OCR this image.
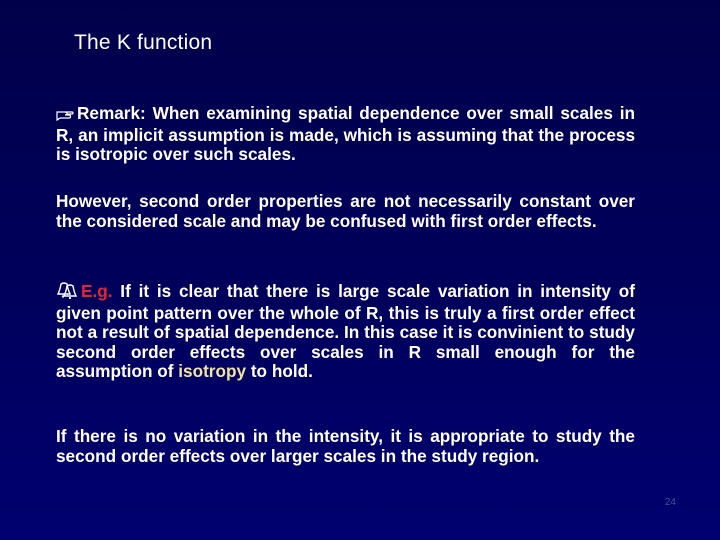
The K function
Remark: When examining spatial dependence over small scales in R, an implicit assumption is made, which is assuming that the process is isotropic over such scales.
However, second order properties are not necessarily constant over the considered scale and may be confused with first order effects.
E.g. If it is clear that there is large scale variation in intensity of given point pattern over the whole of R, this is truly a first order effect not a result of spatial dependence. In this case it is convinient to study second order effects over scales in R small enough for the assumption of isotropy to hold.
If there is no variation in the intensity, it is appropriate to study the second order effects over larger scales in the study region.
24
